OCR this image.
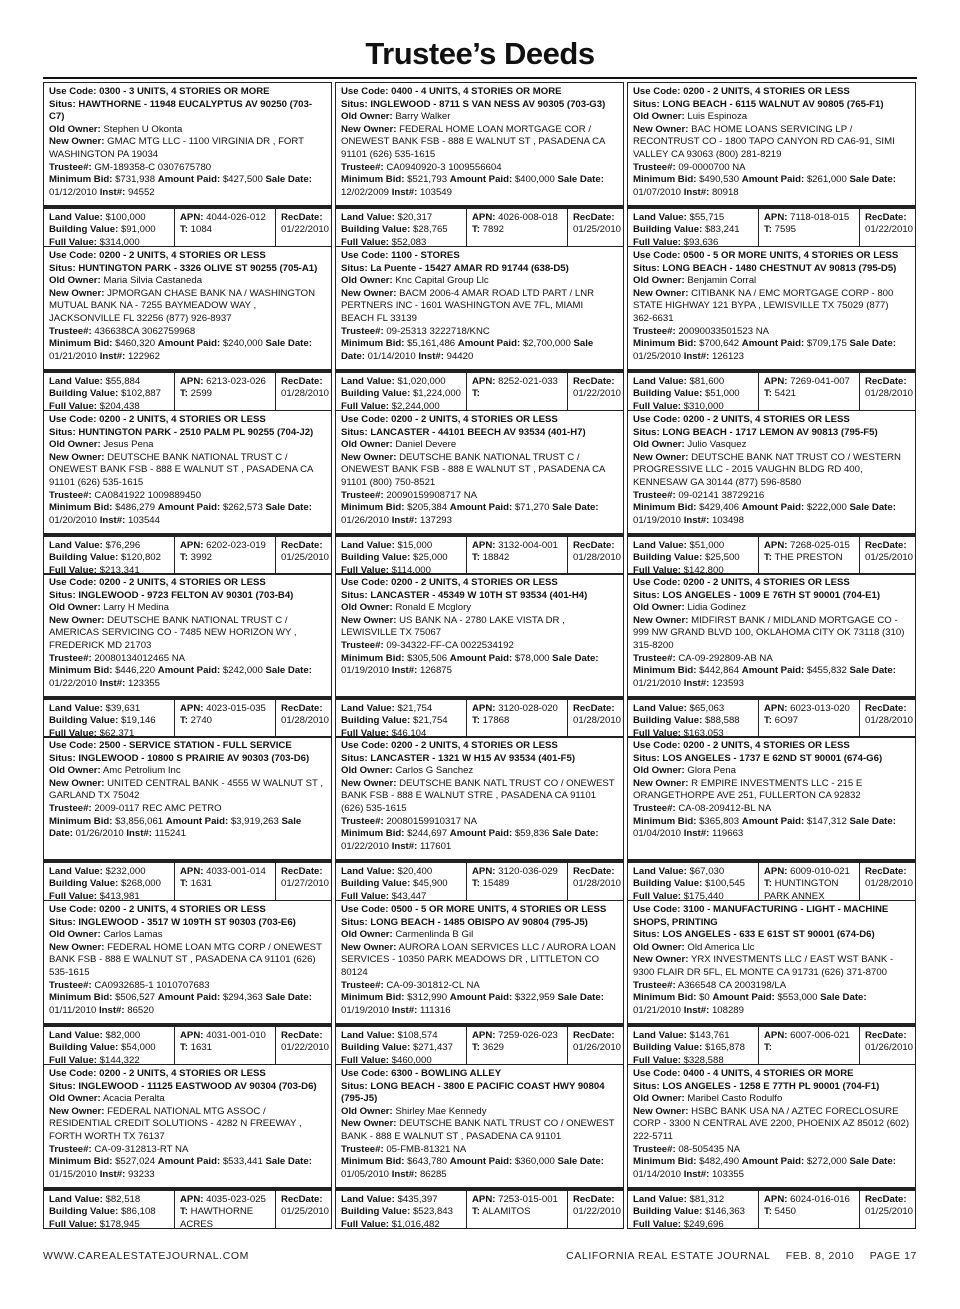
Trustee’s Deeds
Use Code: 0300 - 3 UNITS, 4 STORIES OR MORE
Situs: HAWTHORNE - 11948 EUCALYPTUS AV 90250 (703-C7)
Old Owner: Stephen U Okonta
New Owner: GMAC MTG LLC - 1100 VIRGINIA DR , FORT WASHINGTON PA 19034
Trustee#: GM-189358-C 0307675780
Minimum Bid: $731,938 Amount Paid: $427,500 Sale Date: 01/12/2010 Inst#: 94552
Land Value: $100,000
Building Value: $91,000
Full Value: $314,000
APN: 4044-026-012
T: 1084
RecDate:
01/22/2010
Use Code: 0200 - 2 UNITS, 4 STORIES OR LESS
Situs: HUNTINGTON PARK - 3326 OLIVE ST 90255 (705-A1)
Old Owner: Maria Silvia Castaneda
New Owner: JPMORGAN CHASE BANK NA / WASHINGTON MUTUAL BANK NA - 7255 BAYMEADOW WAY , JACKSONVILLE FL 32256 (877) 926-8937
Trustee#: 436638CA 3062759968
Minimum Bid: $460,320 Amount Paid: $240,000 Sale Date: 01/21/2010 Inst#: 122962
Land Value: $55,884
Building Value: $102,887
Full Value: $204,438
APN: 6213-023-026
T: 2599
RecDate:
01/28/2010
Use Code: 0200 - 2 UNITS, 4 STORIES OR LESS
Situs: HUNTINGTON PARK - 2510 PALM PL 90255 (704-J2)
Old Owner: Jesus Pena
New Owner: DEUTSCHE BANK NATIONAL TRUST C / ONEWEST BANK FSB - 888 E WALNUT ST , PASADENA CA 91101 (626) 535-1615
Trustee#: CA0841922 1009889450
Minimum Bid: $486,279 Amount Paid: $262,573 Sale Date: 01/20/2010 Inst#: 103544
Land Value: $76,296
Building Value: $120,802
Full Value: $213,341
APN: 6202-023-019
T: 3992
RecDate:
01/25/2010
Use Code: 0200 - 2 UNITS, 4 STORIES OR LESS
Situs: INGLEWOOD - 9723 FELTON AV 90301 (703-B4)
Old Owner: Larry H Medina
New Owner: DEUTSCHE BANK NATIONAL TRUST C / AMERICAS SERVICING CO - 7485 NEW HORIZON WY , FREDERICK MD 21703
Trustee#: 20080134012465 NA
Minimum Bid: $446,220 Amount Paid: $242,000 Sale Date: 01/22/2010 Inst#: 123355
Land Value: $39,631
Building Value: $19,146
Full Value: $62,371
APN: 4023-015-035
T: 2740
RecDate:
01/28/2010
Use Code: 2500 - SERVICE STATION - FULL SERVICE
Situs: INGLEWOOD - 10800 S PRAIRIE AV 90303 (703-D6)
Old Owner: Amc Petrolium Inc
New Owner: UNITED CENTRAL BANK - 4555 W WALNUT ST , GARLAND TX 75042
Trustee#: 2009-0117 REC AMC PETRO
Minimum Bid: $3,856,061 Amount Paid: $3,919,263 Sale Date: 01/26/2010 Inst#: 115241
Land Value: $232,000
Building Value: $268,000
Full Value: $413,981
APN: 4033-001-014
T: 1631
RecDate:
01/27/2010
Use Code: 0200 - 2 UNITS, 4 STORIES OR LESS
Situs: INGLEWOOD - 3517 W 109TH ST 90303 (703-E6)
Old Owner: Carlos Lamas
New Owner: FEDERAL HOME LOAN MTG CORP / ONEWEST BANK FSB - 888 E WALNUT ST , PASADENA CA 91101 (626) 535-1615
Trustee#: CA0932685-1 1010707683
Minimum Bid: $506,527 Amount Paid: $294,363 Sale Date: 01/11/2010 Inst#: 86520
Land Value: $82,000
Building Value: $54,000
Full Value: $144,322
APN: 4031-001-010
T: 1631
RecDate:
01/22/2010
Use Code: 0200 - 2 UNITS, 4 STORIES OR LESS
Situs: INGLEWOOD - 11125 EASTWOOD AV 90304 (703-D6)
Old Owner: Acacia Peralta
New Owner: FEDERAL NATIONAL MTG ASSOC / RESIDENTIAL CREDIT SOLUTIONS - 4282 N FREEWAY , FORTH WORTH TX 76137
Trustee#: CA-09-312813-RT NA
Minimum Bid: $527,024 Amount Paid: $533,441 Sale Date: 01/15/2010 Inst#: 93233
Land Value: $82,518
Building Value: $86,108
Full Value: $178,945
APN: 4035-023-025
T: HAWTHORNE ACRES
RecDate:
01/25/2010
Use Code: 0400 - 4 UNITS, 4 STORIES OR MORE
Situs: INGLEWOOD - 8711 S VAN NESS AV 90305 (703-G3)
Old Owner: Barry Walker
New Owner: FEDERAL HOME LOAN MORTGAGE COR / ONEWEST BANK FSB - 888 E WALNUT ST , PASADENA CA 91101 (626) 535-1615
Trustee#: CA0940920-3 1009556604
Minimum Bid: $521,793 Amount Paid: $400,000 Sale Date: 12/02/2009 Inst#: 103549
Land Value: $20,317
Building Value: $28,765
Full Value: $52,083
APN: 4026-008-018
T: 7892
RecDate:
01/25/2010
Use Code: 1100 - STORES
Situs: La Puente - 15427 AMAR RD 91744 (638-D5)
Old Owner: Knc Capital Group Llc
New Owner: BACM 2006-4 AMAR ROAD LTD PART / LNR PERTNERS INC - 1601 WASHINGTON AVE 7FL, MIAMI BEACH FL 33139
Trustee#: 09-25313 3222718/KNC
Minimum Bid: $5,161,486 Amount Paid: $2,700,000 Sale Date: 01/14/2010 Inst#: 94420
Land Value: $1,020,000
Building Value: $1,224,000
Full Value: $2,244,000
APN: 8252-021-033
T:
RecDate:
01/22/2010
Use Code: 0200 - 2 UNITS, 4 STORIES OR LESS
Situs: LANCASTER - 44101 BEECH AV 93534 (401-H7)
Old Owner: Daniel Devere
New Owner: DEUTSCHE BANK NATIONAL TRUST C / ONEWEST BANK FSB - 888 E WALNUT ST , PASADENA CA 91101 (800) 750-8521
Trustee#: 20090159908717 NA
Minimum Bid: $205,384 Amount Paid: $71,270 Sale Date: 01/26/2010 Inst#: 137293
Land Value: $15,000
Building Value: $25,000
Full Value: $114,000
APN: 3132-004-001
T: 18842
RecDate:
01/28/2010
Use Code: 0200 - 2 UNITS, 4 STORIES OR LESS
Situs: LANCASTER - 45349 W 10TH ST 93534 (401-H4)
Old Owner: Ronald E Mcglory
New Owner: US BANK NA - 2780 LAKE VISTA DR , LEWISVILLE TX 75067
Trustee#: 09-34322-FF-CA 0022534192
Minimum Bid: $305,506 Amount Paid: $78,000 Sale Date: 01/19/2010 Inst#: 126875
Land Value: $21,754
Building Value: $21,754
Full Value: $46,104
APN: 3120-028-020
T: 17868
RecDate:
01/28/2010
Use Code: 0200 - 2 UNITS, 4 STORIES OR LESS
Situs: LANCASTER - 1321 W H15 AV 93534 (401-F5)
Old Owner: Carlos G Sanchez
New Owner: DEUTSCHE BANK NATL TRUST CO / ONEWEST BANK FSB - 888 E WALNUT STRE , PASADENA CA 91101 (626) 535-1615
Trustee#: 20080159910317 NA
Minimum Bid: $244,697 Amount Paid: $59,836 Sale Date: 01/22/2010 Inst#: 117601
Land Value: $20,400
Building Value: $45,900
Full Value: $43,447
APN: 3120-036-029
T: 15489
RecDate:
01/28/2010
Use Code: 0500 - 5 OR MORE UNITS, 4 STORIES OR LESS
Situs: LONG BEACH - 1485 OBISPO AV 90804 (795-J5)
Old Owner: Carmenlinda B Gil
New Owner: AURORA LOAN SERVICES LLC / AURORA LOAN SERVICES - 10350 PARK MEADOWS DR , LITTLETON CO 80124
Trustee#: CA-09-301812-CL NA
Minimum Bid: $312,990 Amount Paid: $322,959 Sale Date: 01/19/2010 Inst#: 111316
Land Value: $108,574
Building Value: $271,437
Full Value: $460,000
APN: 7259-026-023
T: 3629
RecDate:
01/26/2010
Use Code: 6300 - BOWLING ALLEY
Situs: LONG BEACH - 3800 E PACIFIC COAST HWY 90804 (795-J5)
Old Owner: Shirley Mae Kennedy
New Owner: DEUTSCHE BANK NATL TRUST CO / ONEWEST BANK - 888 E WALNUT ST , PASADENA CA 91101
Trustee#: 05-FMB-81321 NA
Minimum Bid: $643,780 Amount Paid: $360,000 Sale Date: 01/05/2010 Inst#: 86285
Land Value: $435,397
Building Value: $523,843
Full Value: $1,016,482
APN: 7253-015-001
T: ALAMITOS
RecDate:
01/22/2010
Use Code: 0200 - 2 UNITS, 4 STORIES OR LESS
Situs: LONG BEACH - 6115 WALNUT AV 90805 (765-F1)
Old Owner: Luis Espinoza
New Owner: BAC HOME LOANS SERVICING LP / RECONTRUST CO - 1800 TAPO CANYON RD CA6-91, SIMI VALLEY CA 93063 (800) 281-8219
Trustee#: 09-0000700 NA
Minimum Bid: $490,530 Amount Paid: $261,000 Sale Date: 01/07/2010 Inst#: 80918
Land Value: $55,715
Building Value: $83,241
Full Value: $93,636
APN: 7118-018-015
T: 7595
RecDate:
01/22/2010
Use Code: 0500 - 5 OR MORE UNITS, 4 STORIES OR LESS
Situs: LONG BEACH - 1480 CHESTNUT AV 90813 (795-D5)
Old Owner: Benjamin Corral
New Owner: CITIBANK NA / EMC MORTGAGE CORP - 800 STATE HIGHWAY 121 BYPA , LEWISVILLE TX 75029 (877) 362-6631
Trustee#: 20090033501523 NA
Minimum Bid: $700,642 Amount Paid: $709,175 Sale Date: 01/25/2010 Inst#: 126123
Land Value: $81,600
Building Value: $51,000
Full Value: $310,000
APN: 7269-041-007
T: 5421
RecDate:
01/28/2010
Use Code: 0200 - 2 UNITS, 4 STORIES OR LESS
Situs: LONG BEACH - 1717 LEMON AV 90813 (795-F5)
Old Owner: Julio Vasquez
New Owner: DEUTSCHE BANK NAT TRUST CO / WESTERN PROGRESSIVE LLC - 2015 VAUGHN BLDG RD 400, KENNESAW GA 30144 (877) 596-8580
Trustee#: 09-02141 38729216
Minimum Bid: $429,406 Amount Paid: $222,000 Sale Date: 01/19/2010 Inst#: 103498
Land Value: $51,000
Building Value: $25,500
Full Value: $142,800
APN: 7268-025-015
T: THE PRESTON
RecDate:
01/25/2010
Use Code: 0200 - 2 UNITS, 4 STORIES OR LESS
Situs: LOS ANGELES - 1009 E 76TH ST 90001 (704-E1)
Old Owner: Lidia Godinez
New Owner: MIDFIRST BANK / MIDLAND MORTGAGE CO - 999 NW GRAND BLVD 100, OKLAHOMA CITY OK 73118 (310) 315-8200
Trustee#: CA-09-292809-AB NA
Minimum Bid: $442,864 Amount Paid: $455,832 Sale Date: 01/21/2010 Inst#: 123593
Land Value: $65,063
Building Value: $88,588
Full Value: $163,053
APN: 6023-013-020
T: 6O97
RecDate:
01/28/2010
Use Code: 0200 - 2 UNITS, 4 STORIES OR LESS
Situs: LOS ANGELES - 1737 E 62ND ST 90001 (674-G6)
Old Owner: Glora Pena
New Owner: R EMPIRE INVESTMENTS LLC - 215 E ORANGETHORPE AVE 251, FULLERTON CA 92832
Trustee#: CA-08-209412-BL NA
Minimum Bid: $365,803 Amount Paid: $147,312 Sale Date: 01/04/2010 Inst#: 119663
Land Value: $67,030
Building Value: $100,545
Full Value: $175,440
APN: 6009-010-021
T: HUNTINGTON PARK ANNEX
RecDate:
01/28/2010
Use Code: 3100 - MANUFACTURING - LIGHT - MACHINE SHOPS, PRINTING
Situs: LOS ANGELES - 633 E 61ST ST 90001 (674-D6)
Old Owner: Old America Llc
New Owner: YRX INVESTMENTS LLC / EAST WST BANK - 9300 FLAIR DR 5FL, EL MONTE CA 91731 (626) 371-8700
Trustee#: A366548 CA 2003198/LA
Minimum Bid: $0 Amount Paid: $553,000 Sale Date: 01/21/2010 Inst#: 108289
Land Value: $143,761
Building Value: $165,878
Full Value: $328,588
APN: 6007-006-021
T:
RecDate:
01/26/2010
Use Code: 0400 - 4 UNITS, 4 STORIES OR MORE
Situs: LOS ANGELES - 1258 E 77TH PL 90001 (704-F1)
Old Owner: Maribel Casto Rodulfo
New Owner: HSBC BANK USA NA / AZTEC FORECLOSURE CORP - 3300 N CENTRAL AVE 2200, PHOENIX AZ 85012 (602) 222-5711
Trustee#: 08-505435 NA
Minimum Bid: $482,490 Amount Paid: $272,000 Sale Date: 01/14/2010 Inst#: 103355
Land Value: $81,312
Building Value: $146,363
Full Value: $249,696
APN: 6024-016-016
T: 5450
RecDate:
01/25/2010
WWW.CAREALESTATEJOURNAL.COM	CALIFORNIA REAL ESTATE JOURNAL FEB. 8, 2010 PAGE 17
